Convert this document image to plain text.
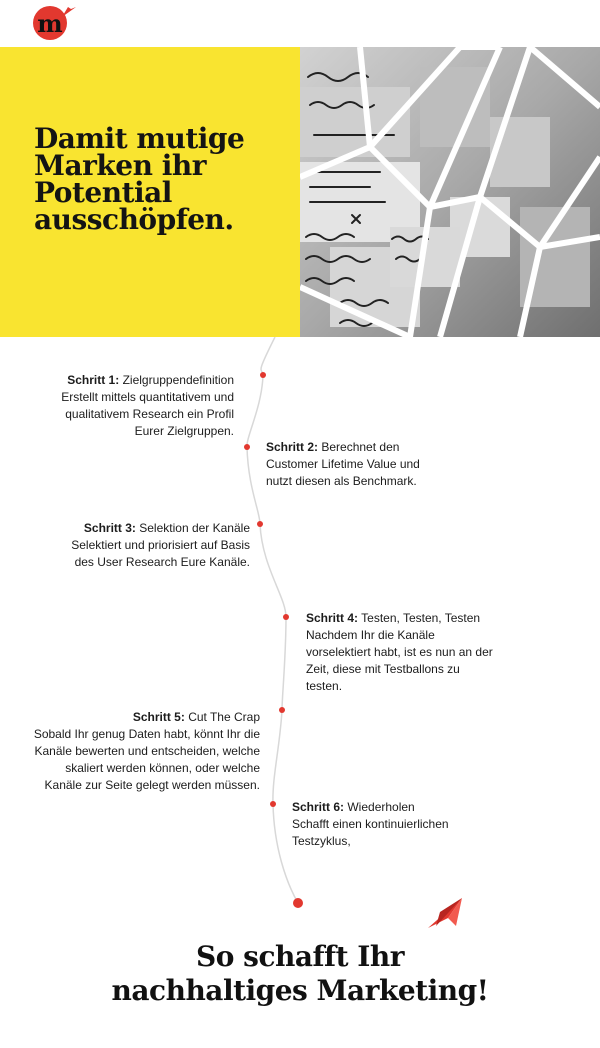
m
Damit mutige Marken ihr Potential ausschöpfen.
Schritt 1: Zielgruppendefinition
Erstellt mittels quantitativem und qualitativem Research ein Profil Eurer Zielgruppen.
Schritt 2: Berechnet den
Customer Lifetime Value und nutzt diesen als Benchmark.
Schritt 3: Selektion der Kanäle
Selektiert und priorisiert auf Basis des User Research Eure Kanäle.
Schritt 4: Testen, Testen, Testen
Nachdem Ihr die Kanäle vorselektiert habt, ist es nun an der Zeit, diese mit Testballons zu testen.
Schritt 5: Cut The Crap
Sobald Ihr genug Daten habt, könnt Ihr die Kanäle bewerten und entscheiden, welche skaliert werden können, oder welche Kanäle zur Seite gelegt werden müssen.
Schritt 6: Wiederholen
Schafft einen kontinuierlichen Testzyklus,
So schafft Ihr
nachhaltiges Marketing!
